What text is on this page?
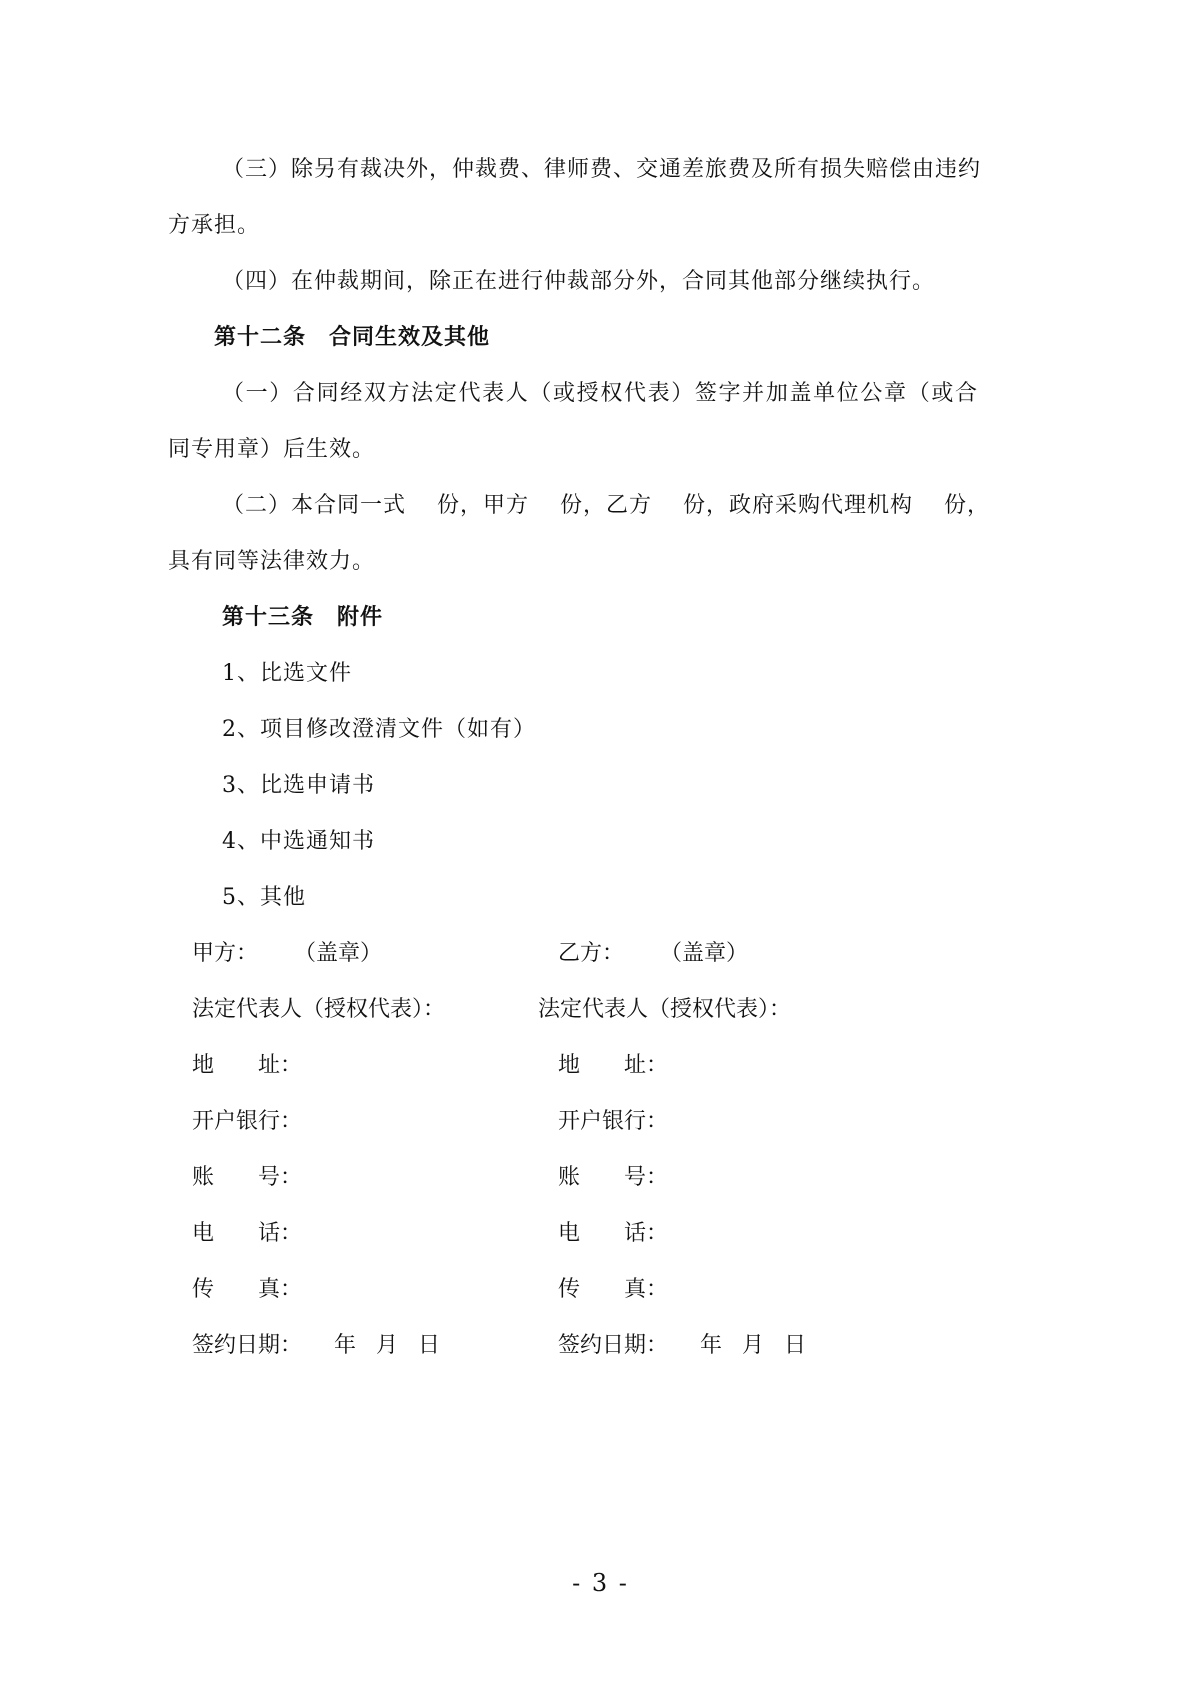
（三）除另有裁决外，仲裁费、律师费、交通差旅费及所有损失赔偿由违约
方承担。
（四）在仲裁期间，除正在进行仲裁部分外，合同其他部分继续执行。
第十二条　合同生效及其他
（一）合同经双方法定代表人（或授权代表）签字并加盖单位公章（或合
同专用章）后生效。
（二）本合同一式　 份，甲方　 份，乙方　 份，政府采购代理机构　 份，
具有同等法律效力。
第十三条　附件
1、比选文件
2、项目修改澄清文件（如有）
3、比选申请书
4、中选通知书
5、其他
甲方： （盖章）
法定代表人（授权代表）：
地　　址：
开户银行：
账　　号：
电　　话：
传　　真：
签约日期： 年 月 日
乙方： （盖章）
法定代表人（授权代表）：
地　　址：
开户银行：
账　　号：
电　　话：
传　　真：
签约日期： 年 月 日
- 3 -
